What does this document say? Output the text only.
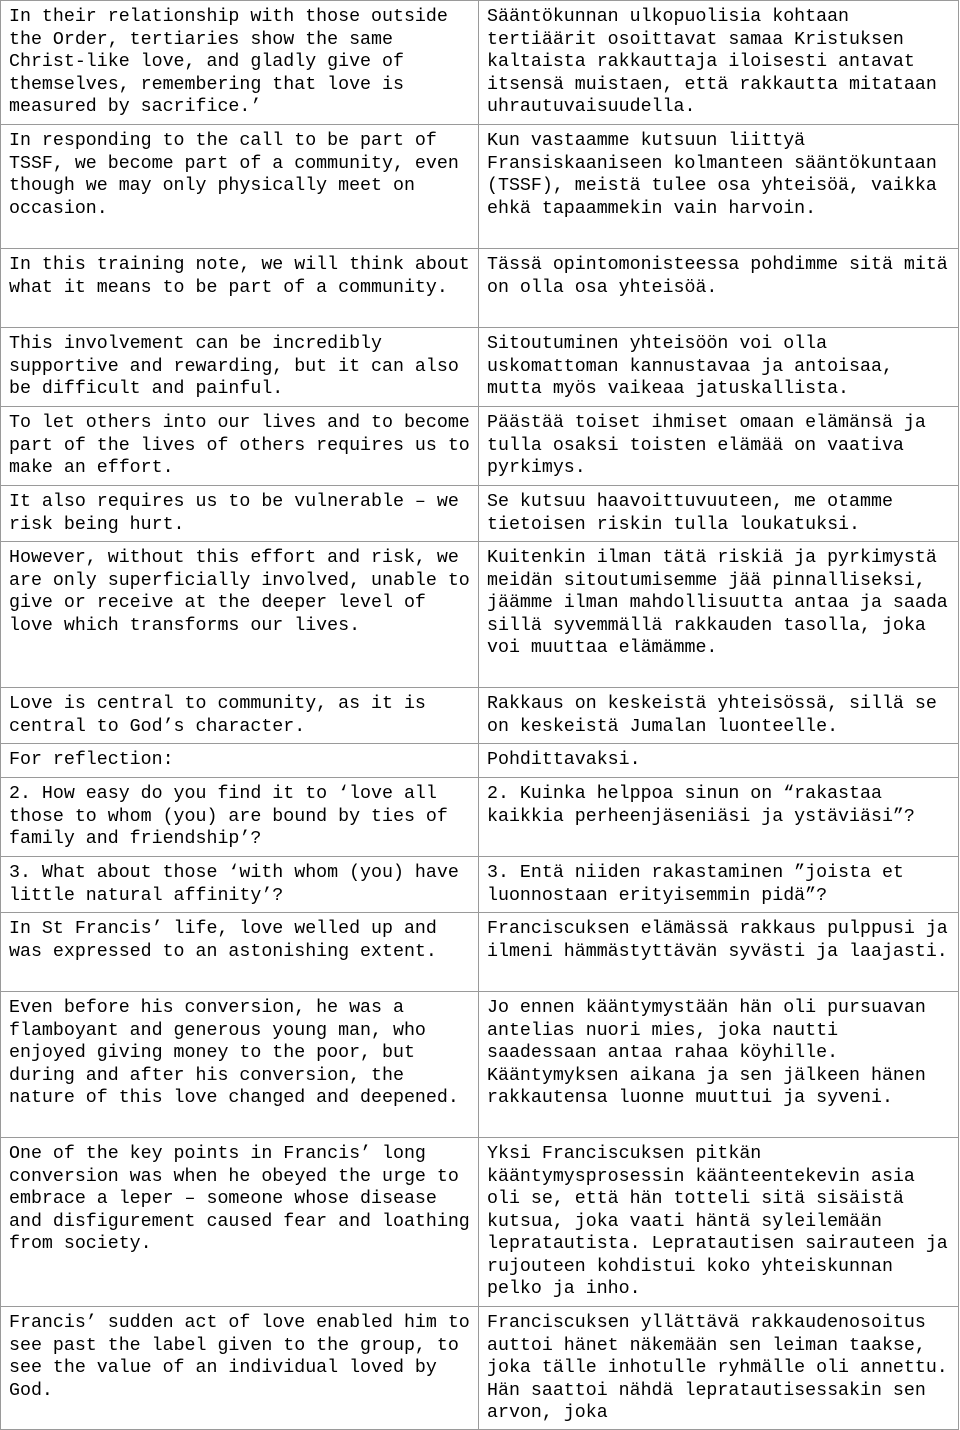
In their relationship with those outside the Order, tertiaries show the same Christ-like love, and gladly give of themselves, remembering that love is measured by sacrifice.’	Sääntökunnan ulkopuolisia kohtaan tertiäärit osoittavat samaa Kristuksen kaltaista rakkauttaja iloisesti antavat itsensä muistaen, että rakkautta mitataan uhrautuvaisuudella.
In responding to the call to be part of TSSF, we become part of a community, even though we may only physically meet on occasion.	Kun vastaamme kutsuun liittyä Fransiskaaniseen kolmanteen sääntökuntaan (TSSF), meistä tulee osa yhteisöä, vaikka ehkä tapaammekin vain harvoin.
In this training note, we will think about what it means to be part of a community.	Tässä opintomonisteessa pohdimme sitä mitä on olla osa yhteisöä.
This involvement can be incredibly supportive and rewarding, but it can also be difficult and painful.	Sitoutuminen yhteisöön voi olla uskomattoman kannustavaa ja antoisaa, mutta myös vaikeaa jatuskallista.
To let others into our lives and to become part of the lives of others requires us to make an effort.	Päästää toiset ihmiset omaan elämänsä ja tulla osaksi toisten elämää on vaativa pyrkimys.
It also requires us to be vulnerable – we risk being hurt.	Se kutsuu haavoittuvuuteen, me otamme tietoisen riskin tulla loukatuksi.
However, without this effort and risk, we are only superficially involved, unable to give or receive at the deeper level of love which transforms our lives.	Kuitenkin ilman tätä riskiä ja pyrkimystä meidän sitoutumisemme jää pinnalliseksi, jäämme ilman mahdollisuutta antaa ja saada sillä syvemmällä rakkauden tasolla, joka voi muuttaa elämämme.
Love is central to community, as it is central to God’s character.	Rakkaus on keskeistä yhteisössä, sillä se on keskeistä Jumalan luonteelle.
For reflection:	Pohdittavaksi.
2. How easy do you find it to ‘love all those to whom (you) are bound by ties of family and friendship’?	2. Kuinka helppoa sinun on “rakastaa kaikkia perheenjäseniäsi ja ystäviäsi”?
3. What about those ‘with whom (you) have little natural affinity’?	3. Entä niiden rakastaminen ”joista et luonnostaan erityisemmin pidä”?
In St Francis’ life, love welled up and was expressed to an astonishing extent.	Franciscuksen elämässä rakkaus pulppusi ja ilmeni hämmästyttävän syvästi ja laajasti.
Even before his conversion, he was a flamboyant and generous young man, who enjoyed giving money to the poor, but during and after his conversion, the nature of this love changed and deepened.	Jo ennen kääntymystään hän oli pursuavan antelias nuori mies, joka nautti saadessaan antaa rahaa köyhille. Kääntymyksen aikana ja sen jälkeen hänen rakkautensa luonne muuttui ja syveni.
One of the key points in Francis’ long conversion was when he obeyed the urge to embrace a leper – someone whose disease and disfigurement caused fear and loathing from society.	Yksi Franciscuksen pitkän kääntymysprosessin käänteentekevin asia oli se, että hän totteli sitä sisäistä kutsua, joka vaati häntä syleilemään lepratautista. Lepratautisen sairauteen ja rujouteen kohdistui koko yhteiskunnan pelko ja inho.
Francis’ sudden act of love enabled him to see past the label given to the group, to see the value of an individual loved by God.	Franciscuksen yllättävä rakkaudenosoitus auttoi hänet näkemään sen leiman taakse, joka tälle inhotulle ryhmälle oli annettu. Hän saattoi nähdä lepratautisessakin sen arvon, joka
